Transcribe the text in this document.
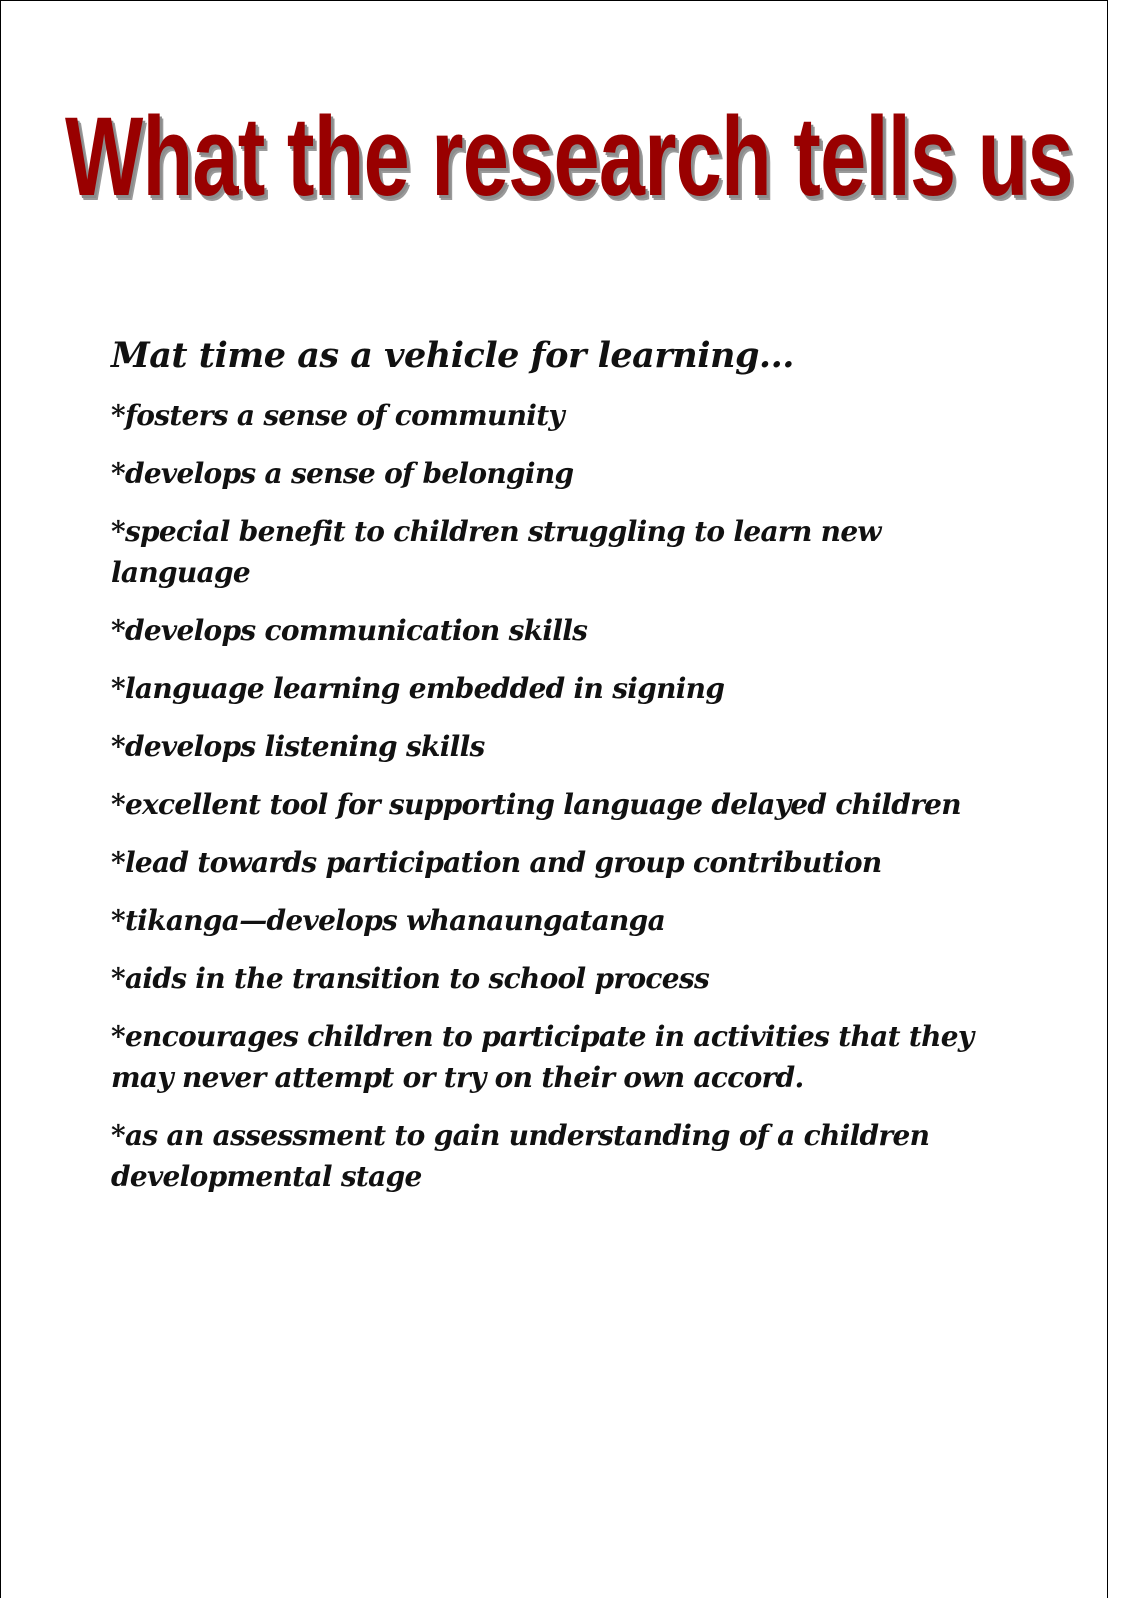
What the research tells us
Mat time as a vehicle for learning...
*fosters a sense of community
*develops a sense of belonging
*special benefit to children struggling to learn new language
*develops communication skills
*language learning embedded in signing
*develops listening skills
*excellent tool for supporting language delayed children
*lead towards participation and group contribution
*tikanga—develops whanaungatanga
*aids in the transition to school process
*encourages children to participate in activities that they may never attempt or try on their own accord.
*as an assessment to gain understanding of a children developmental stage
